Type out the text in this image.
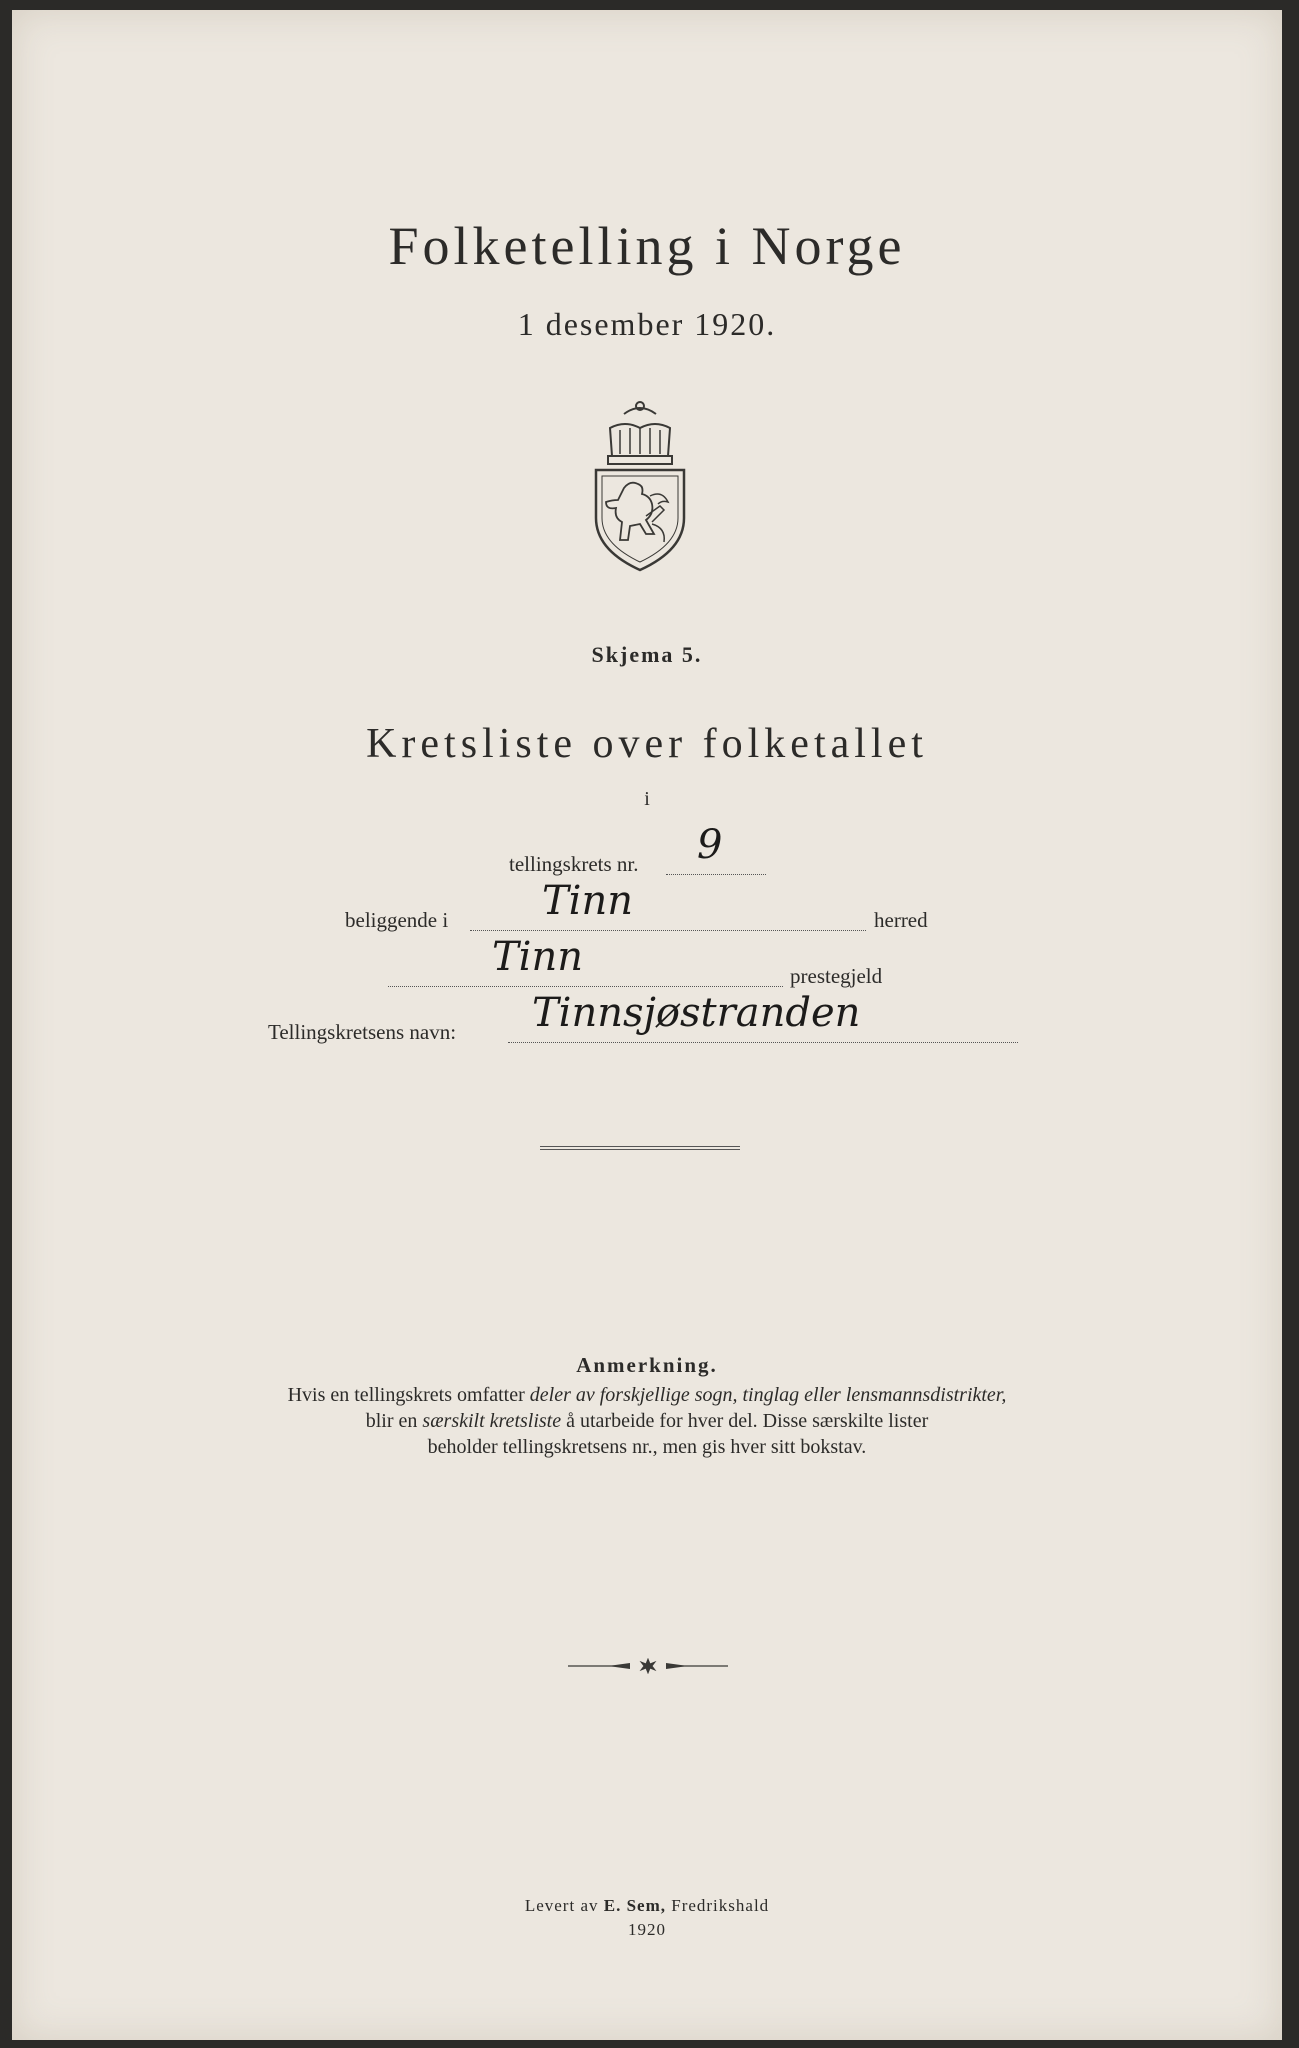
Folketelling i Norge
1 desember 1920.
Skjema 5.
Kretsliste over folketallet
i
tellingskrets nr. 9
beliggende i Tinn	herred
Tinn	prestegjeld
Tellingskretsens navn: Tinnsjøstranden
Anmerkning.
Hvis en tellingskrets omfatter deler av forskjellige sogn, tinglag eller lensmannsdistrikter,
blir en særskilt kretsliste å utarbeide for hver del. Disse særskilte lister
beholder tellingskretsens nr., men gis hver sitt bokstav.
Levert av E. Sem, Fredrikshald
1920
